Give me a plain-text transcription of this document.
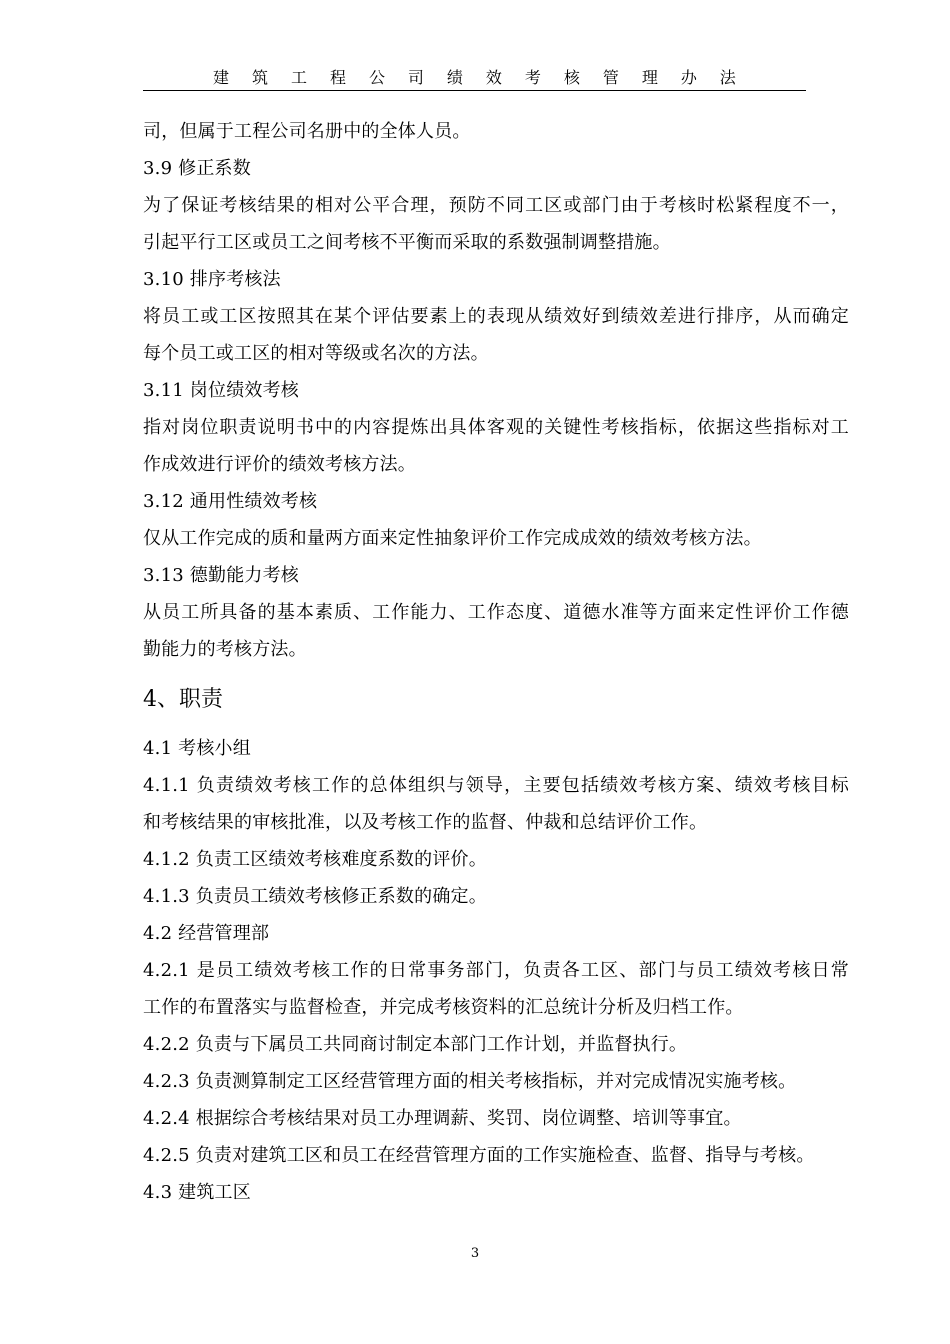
建 筑 工 程 公 司 绩 效 考 核 管 理 办 法
司，但属于工程公司名册中的全体人员。
3.9 修正系数
为了保证考核结果的相对公平合理，预防不同工区或部门由于考核时松紧程度不一，
引起平行工区或员工之间考核不平衡而采取的系数强制调整措施。
3.10 排序考核法
将员工或工区按照其在某个评估要素上的表现从绩效好到绩效差进行排序，从而确定
每个员工或工区的相对等级或名次的方法。
3.11 岗位绩效考核
指对岗位职责说明书中的内容提炼出具体客观的关键性考核指标，依据这些指标对工
作成效进行评价的绩效考核方法。
3.12 通用性绩效考核
仅从工作完成的质和量两方面来定性抽象评价工作完成成效的绩效考核方法。
3.13 德勤能力考核
从员工所具备的基本素质、工作能力、工作态度、道德水准等方面来定性评价工作德
勤能力的考核方法。
4、职责
4.1 考核小组
4.1.1 负责绩效考核工作的总体组织与领导，主要包括绩效考核方案、绩效考核目标
和考核结果的审核批准，以及考核工作的监督、仲裁和总结评价工作。
4.1.2 负责工区绩效考核难度系数的评价。
4.1.3 负责员工绩效考核修正系数的确定。
4.2 经营管理部
4.2.1 是员工绩效考核工作的日常事务部门，负责各工区、部门与员工绩效考核日常
工作的布置落实与监督检查，并完成考核资料的汇总统计分析及归档工作。
4.2.2 负责与下属员工共同商讨制定本部门工作计划，并监督执行。
4.2.3 负责测算制定工区经营管理方面的相关考核指标，并对完成情况实施考核。
4.2.4 根据综合考核结果对员工办理调薪、奖罚、岗位调整、培训等事宜。
4.2.5 负责对建筑工区和员工在经营管理方面的工作实施检查、监督、指导与考核。
4.3 建筑工区
3
